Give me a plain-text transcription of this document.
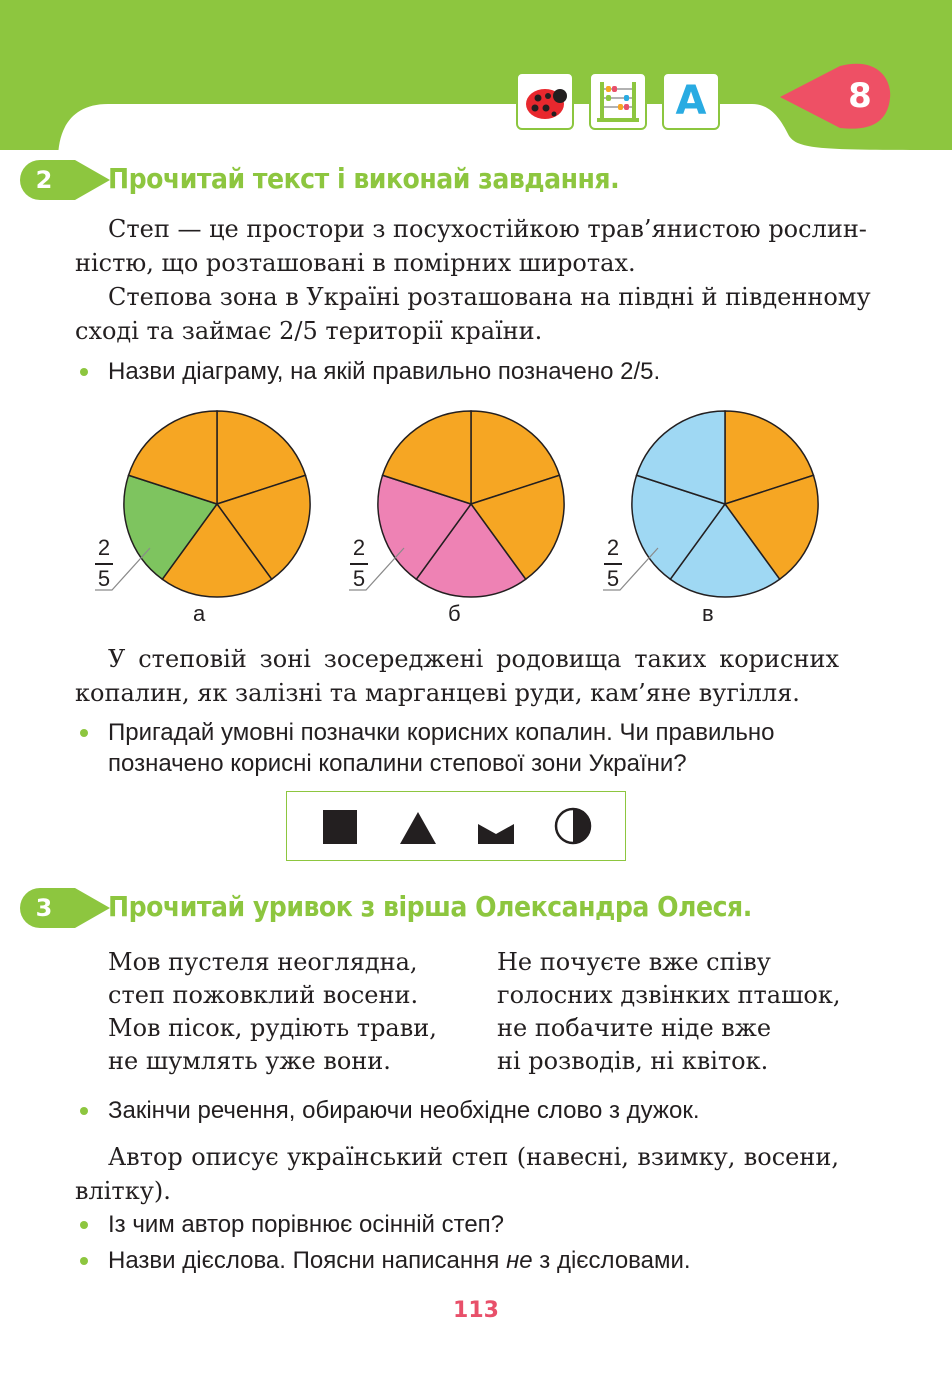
A	8
2	Прочитай текст і виконай завдання.
Степ — це простори з посухостійкою трав’янистою рослин-
ністю, що розташовані в помірних широтах.
Степова зона в Україні розташована на півдні й південному
сході та займає 2/5 території країни.
Назви діаграму, на якій правильно позначено 2/5.
2
5
2
5
2
5
а	б	в
У степовій зоні зосереджені родовища таких корисних
копалин, як залізні та марганцеві руди, кам’яне вугілля.
Пригадай умовні позначки корисних копалин. Чи правильно
позначено корисні копалини степової зони України?
3	Прочитай уривок з вірша Олександра Олеся.
Мов пустеля неоглядна,
степ пожовклий восени.
Мов пісок, рудіють трави,
не шумлять уже вони.
Не почуєте вже співу
голосних дзвінких пташок,
не побачите ніде вже
ні розводів, ні квіток.
Закінчи речення, обираючи необхідне слово з дужок.
Автор описує український степ (навесні, взимку, восени,
влітку).
Із чим автор порівнює осінній степ?
Назви дієслова. Поясни написання не з дієсловами.
113
